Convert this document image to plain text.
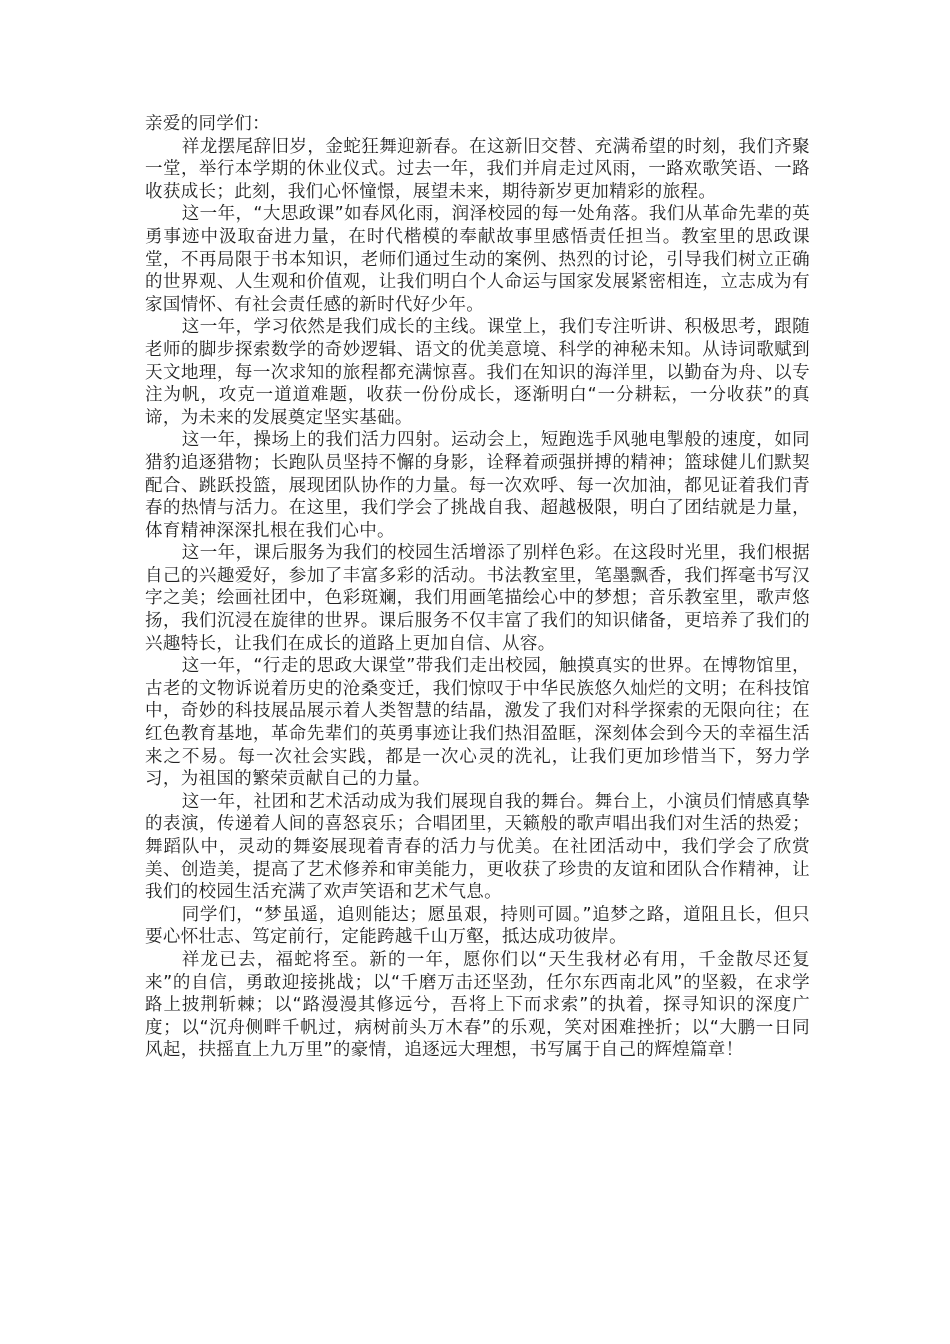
亲爱的同学们：

祥龙摆尾辞旧岁，金蛇狂舞迎新春。在这新旧交替、充满希望的时刻，我们齐聚一堂，举行本学期的休业仪式。过去一年，我们并肩走过风雨，一路欢歌笑语、一路收获成长；此刻，我们心怀憧憬，展望未来，期待新岁更加精彩的旅程。

这一年，“大思政课”如春风化雨，润泽校园的每一处角落。我们从革命先辈的英勇事迹中汲取奋进力量，在时代楷模的奉献故事里感悟责任担当。教室里的思政课堂，不再局限于书本知识，老师们通过生动的案例、热烈的讨论，引导我们树立正确的世界观、人生观和价值观，让我们明白个人命运与国家发展紧密相连，立志成为有家国情怀、有社会责任感的新时代好少年。

这一年，学习依然是我们成长的主线。课堂上，我们专注听讲、积极思考，跟随老师的脚步探索数学的奇妙逻辑、语文的优美意境、科学的神秘未知。从诗词歌赋到天文地理，每一次求知的旅程都充满惊喜。我们在知识的海洋里，以勤奋为舟、以专注为帆，攻克一道道难题，收获一份份成长，逐渐明白“一分耕耘，一分收获”的真谛，为未来的发展奠定坚实基础。

这一年，操场上的我们活力四射。运动会上，短跑选手风驰电掣般的速度，如同猎豹追逐猎物；长跑队员坚持不懈的身影，诠释着顽强拼搏的精神；篮球健儿们默契配合、跳跃投篮，展现团队协作的力量。每一次欢呼、每一次加油，都见证着我们青春的热情与活力。在这里，我们学会了挑战自我、超越极限，明白了团结就是力量，体育精神深深扎根在我们心中。

这一年，课后服务为我们的校园生活增添了别样色彩。在这段时光里，我们根据自己的兴趣爱好，参加了丰富多彩的活动。书法教室里，笔墨飘香，我们挥毫书写汉字之美；绘画社团中，色彩斑斓，我们用画笔描绘心中的梦想；音乐教室里，歌声悠扬，我们沉浸在旋律的世界。课后服务不仅丰富了我们的知识储备，更培养了我们的兴趣特长，让我们在成长的道路上更加自信、从容。

这一年，“行走的思政大课堂”带我们走出校园，触摸真实的世界。在博物馆里，古老的文物诉说着历史的沧桑变迁，我们惊叹于中华民族悠久灿烂的文明；在科技馆中，奇妙的科技展品展示着人类智慧的结晶，激发了我们对科学探索的无限向往；在红色教育基地，革命先辈们的英勇事迹让我们热泪盈眶，深刻体会到今天的幸福生活来之不易。每一次社会实践，都是一次心灵的洗礼，让我们更加珍惜当下，努力学习，为祖国的繁荣贡献自己的力量。

这一年，社团和艺术活动成为我们展现自我的舞台。舞台上，小演员们情感真挚的表演，传递着人间的喜怒哀乐；合唱团里，天籁般的歌声唱出我们对生活的热爱；舞蹈队中，灵动的舞姿展现着青春的活力与优美。在社团活动中，我们学会了欣赏美、创造美，提高了艺术修养和审美能力，更收获了珍贵的友谊和团队合作精神，让我们的校园生活充满了欢声笑语和艺术气息。

同学们，“梦虽遥，追则能达；愿虽艰，持则可圆。”追梦之路，道阻且长，但只要心怀壮志、笃定前行，定能跨越千山万壑，抵达成功彼岸。

祥龙已去，福蛇将至。新的一年，愿你们以“天生我材必有用，千金散尽还复来”的自信，勇敢迎接挑战；以“千磨万击还坚劲，任尔东西南北风”的坚毅，在求学路上披荆斩棘；以“路漫漫其修远兮，吾将上下而求索”的执着，探寻知识的深度广度；以“沉舟侧畔千帆过，病树前头万木春”的乐观，笑对困难挫折；以“大鹏一日同风起，扶摇直上九万里”的豪情，追逐远大理想，书写属于自己的辉煌篇章！
